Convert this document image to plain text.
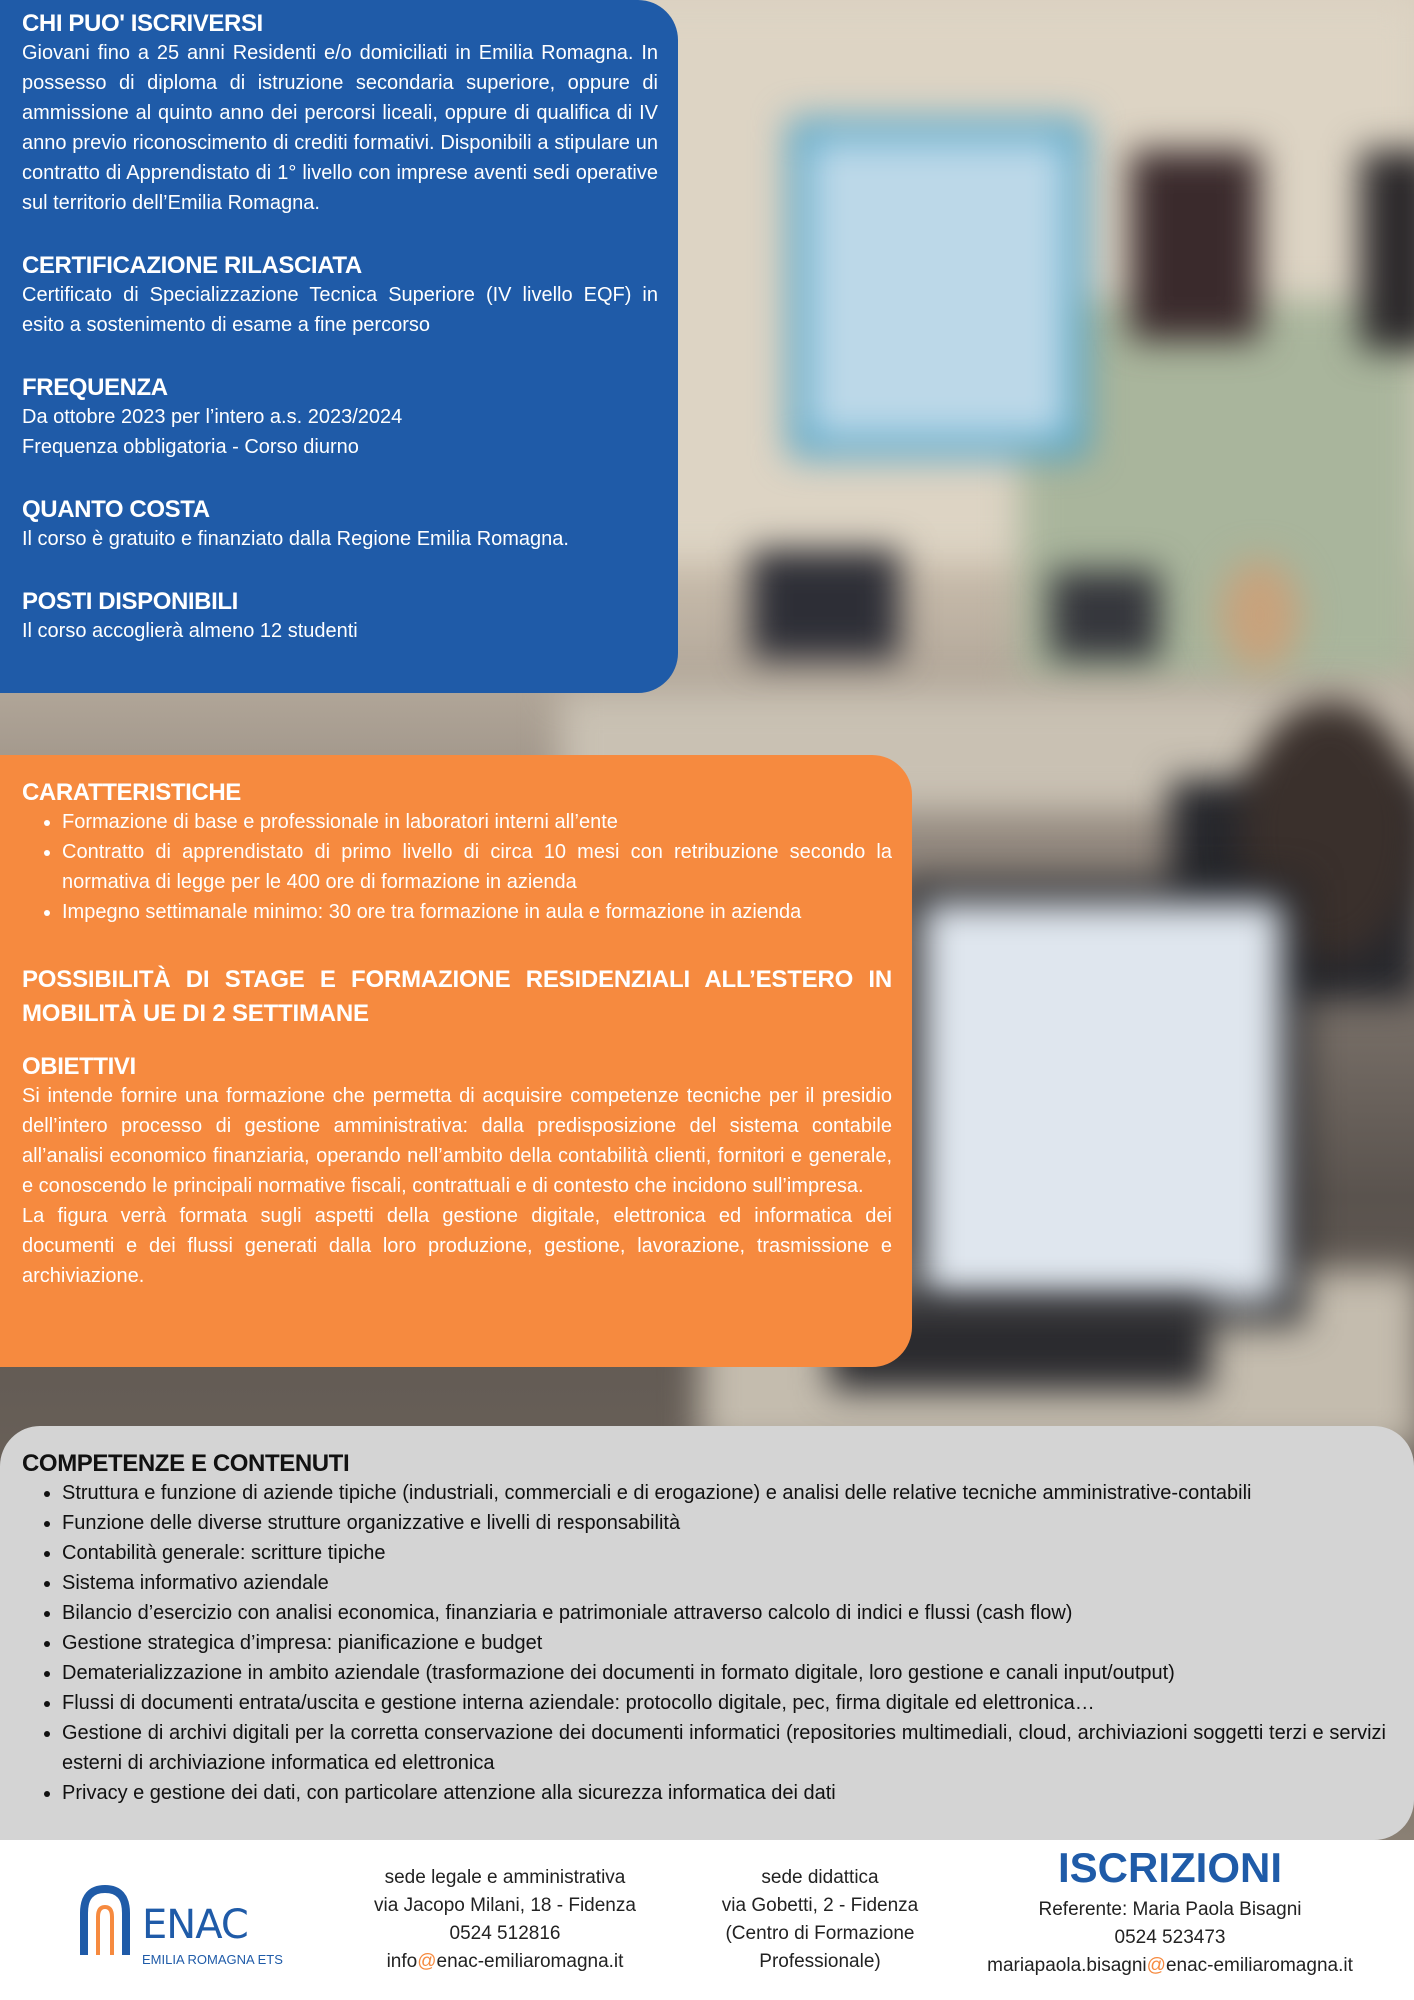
CHI PUO' ISCRIVERSI

Giovani fino a 25 anni Residenti e/o domiciliati in Emilia Romagna. In possesso di diploma di istruzione secondaria superiore, oppure di ammissione al quinto anno dei percorsi liceali, oppure di qualifica di IV anno previo riconoscimento di crediti formativi. Disponibili a stipulare un contratto di Apprendistato di 1° livello con imprese aventi sedi operative sul territorio dell’Emilia Romagna.

CERTIFICAZIONE RILASCIATA

Certificato di Specializzazione Tecnica Superiore (IV livello EQF) in esito a sostenimento di esame a fine percorso

FREQUENZA

Da ottobre 2023 per l’intero a.s. 2023/2024

Frequenza obbligatoria - Corso diurno

QUANTO COSTA

Il corso è gratuito e finanziato dalla Regione Emilia Romagna.

POSTI DISPONIBILI

Il corso accoglierà almeno 12 studenti

CARATTERISTICHE
• Formazione di base e professionale in laboratori interni all’ente
• Contratto di apprendistato di primo livello di circa 10 mesi con retribuzione secondo la normativa di legge per le 400 ore di formazione in azienda
• Impegno settimanale minimo: 30 ore tra formazione in aula e formazione in azienda
POSSIBILITÀ DI STAGE E FORMAZIONE RESIDENZIALI ALL’ESTERO IN MOBILITÀ UE DI 2 SETTIMANE
OBIETTIVI

Si intende fornire una formazione che permetta di acquisire competenze tecniche per il presidio dell’intero processo di gestione amministrativa: dalla predisposizione del sistema contabile all’analisi economico finanziaria, operando nell’ambito della contabilità clienti, fornitori e generale, e conoscendo le principali normative fiscali, contrattuali e di contesto che incidono sull’impresa.

La figura verrà formata sugli aspetti della gestione digitale, elettronica ed informatica dei documenti e dei flussi generati dalla loro produzione, gestione, lavorazione, trasmissione e archiviazione.

COMPETENZE E CONTENUTI
• Struttura e funzione di aziende tipiche (industriali, commerciali e di erogazione) e analisi delle relative tecniche amministrative-contabili
• Funzione delle diverse strutture organizzative e livelli di responsabilità
• Contabilità generale: scritture tipiche
• Sistema informativo aziendale
• Bilancio d’esercizio con analisi economica, finanziaria e patrimoniale attraverso calcolo di indici e flussi (cash flow)
• Gestione strategica d’impresa: pianificazione e budget
• Dematerializzazione in ambito aziendale (trasformazione dei documenti in formato digitale, loro gestione e canali input/output)
• Flussi di documenti entrata/uscita e gestione interna aziendale: protocollo digitale, pec, firma digitale ed elettronica…
• Gestione di archivi digitali per la corretta conservazione dei documenti informatici (repositories multimediali, cloud, archiviazioni soggetti terzi e servizi esterni di archiviazione informatica ed elettronica
• Privacy e gestione dei dati, con particolare attenzione alla sicurezza informatica dei dati
ENAC
EMILIA ROMAGNA ETS
sede legale e amministrativa
via Jacopo Milani, 18 - Fidenza
0524 512816
info@enac-emiliaromagna.it
sede didattica
via Gobetti, 2 - Fidenza
(Centro di Formazione Professionale)
ISCRIZIONI
Referente: Maria Paola Bisagni
0524 523473
mariapaola.bisagni@enac-emiliaromagna.it
